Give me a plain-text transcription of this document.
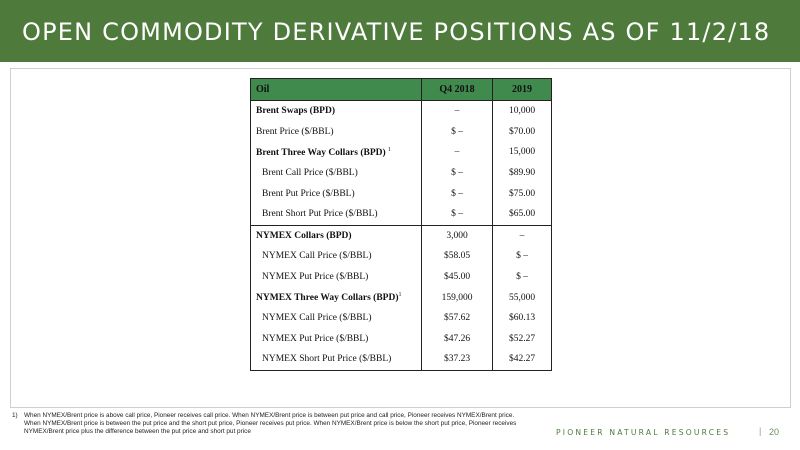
OPEN COMMODITY DERIVATIVE POSITIONS AS OF 11/2/18
Oil	Q4 2018	2019
Brent Swaps (BPD)	–	10,000
Brent Price ($/BBL)	$ –	$70.00
Brent Three Way Collars (BPD) $^1$	–	15,000
Brent Call Price ($/BBL)	$ –	$89.90
Brent Put Price ($/BBL)	$ –	$75.00
Brent Short Put Price ($/BBL)	$ –	$65.00
NYMEX Collars (BPD)	3,000	–
NYMEX Call Price ($/BBL)	$58.05	$ –
NYMEX Put Price ($/BBL)	$45.00	$ –
NYMEX Three Way Collars (BPD)$^1$	159,000	55,000
NYMEX Call Price ($/BBL)	$57.62	$60.13
NYMEX Put Price ($/BBL)	$47.26	$52.27
NYMEX Short Put Price ($/BBL)	$37.23	$42.27
1) When NYMEX/Brent price is above call price, Pioneer receives call price. When NYMEX/Brent price is between put price and call price, Pioneer receives NYMEX/Brent price. When NYMEX/Brent price is between the put price and the short put price, Pioneer receives put price. When NYMEX/Brent price is below the short put price, Pioneer receives NYMEX/Brent price plus the difference between the put price and short put price	PIONEER NATURAL RESOURCES	| 20
